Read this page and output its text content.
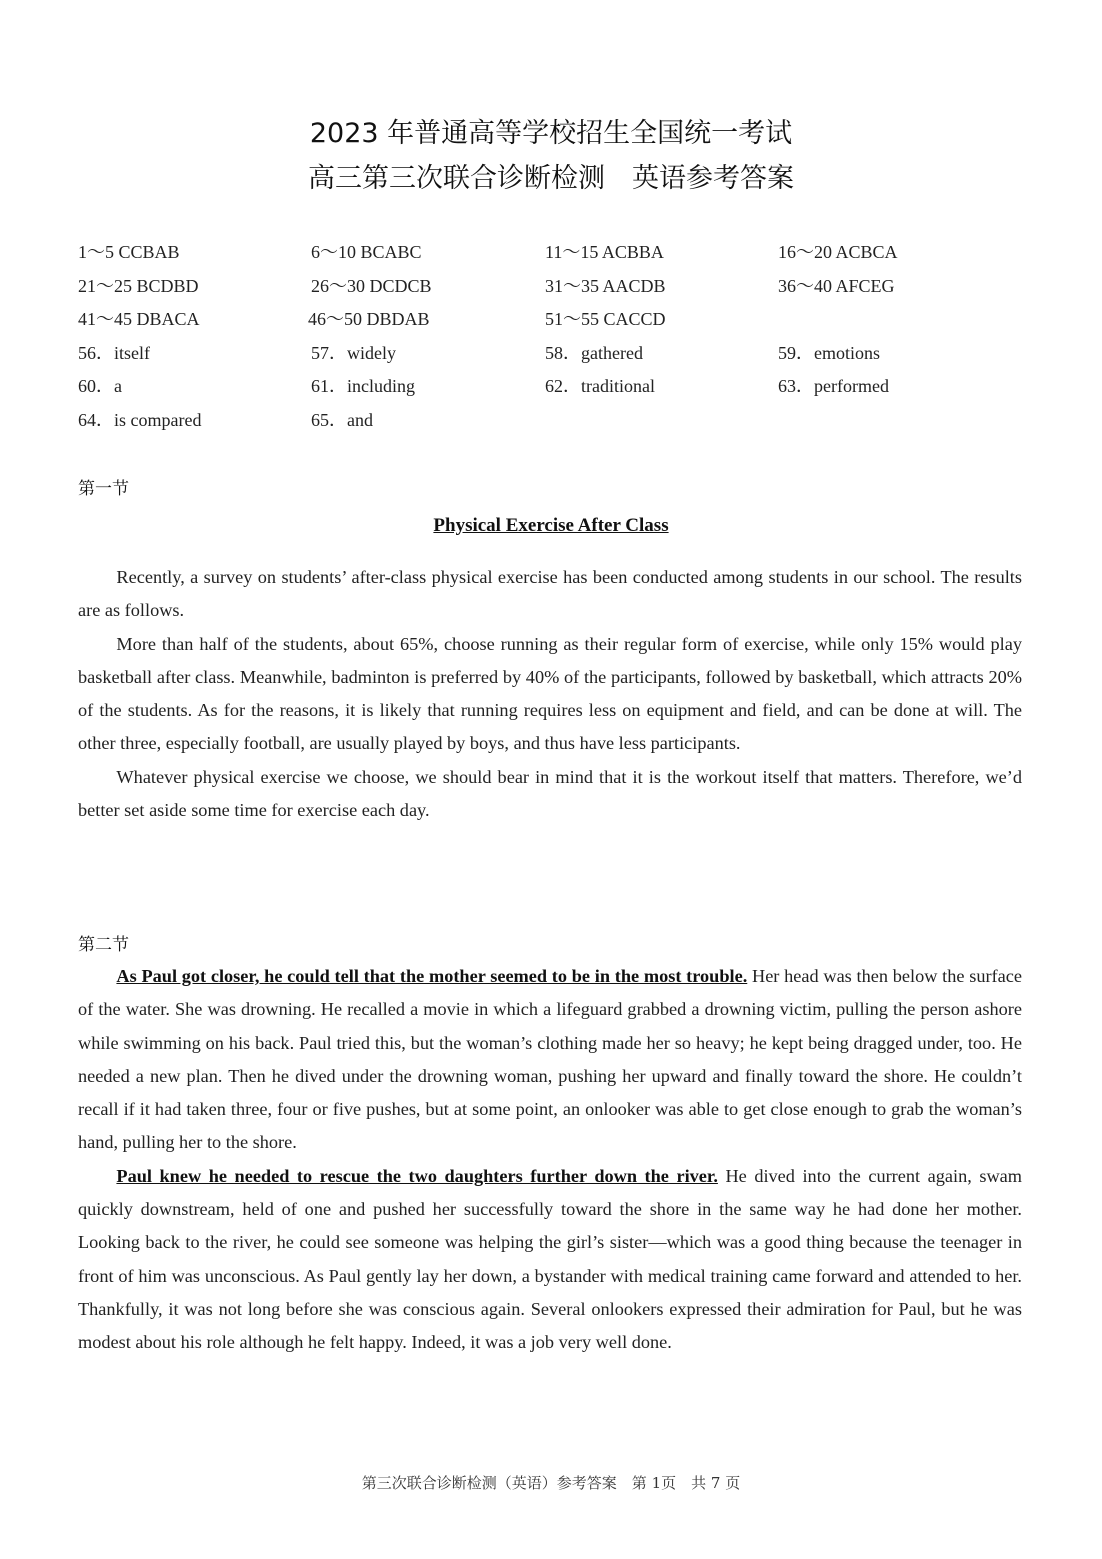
2023 年普通高等学校招生全国统一考试
高三第三次联合诊断检测　英语参考答案
1～5 CCBAB	6～10 BCABC	11～15 ACBBA	16～20 ACBCA
21～25 BCDBD	26～30 DCDCB	31～35 AACDB	36～40 AFCEG
41～45 DBACA	46～50 DBDAB	51～55 CACCD
56．itself	57．widely	58．gathered	59．emotions
60．a	61．including	62．traditional	63．performed
64．is compared	65．and
第一节
Physical Exercise After Class

Recently, a survey on students’ after-class physical exercise has been conducted among students in our school. The results are as follows.

More than half of the students, about 65%, choose running as their regular form of exercise, while only 15% would play basketball after class. Meanwhile, badminton is preferred by 40% of the participants, followed by basketball, which attracts 20% of the students. As for the reasons, it is likely that running requires less on equipment and field, and can be done at will. The other three, especially football, are usually played by boys, and thus have less participants.

Whatever physical exercise we choose, we should bear in mind that it is the workout itself that matters. Therefore, we’d better set aside some time for exercise each day.

第二节

As Paul got closer, he could tell that the mother seemed to be in the most trouble. Her head was then below the surface of the water. She was drowning. He recalled a movie in which a lifeguard grabbed a drowning victim, pulling the person ashore while swimming on his back. Paul tried this, but the woman’s clothing made her so heavy; he kept being dragged under, too. He needed a new plan. Then he dived under the drowning woman, pushing her upward and finally toward the shore. He couldn’t recall if it had taken three, four or five pushes, but at some point, an onlooker was able to get close enough to grab the woman’s hand, pulling her to the shore.

Paul knew he needed to rescue the two daughters further down the river. He dived into the current again, swam quickly downstream, held of one and pushed her successfully toward the shore in the same way he had done her mother. Looking back to the river, he could see someone was helping the girl’s sister—which was a good thing because the teenager in front of him was unconscious. As Paul gently lay her down, a bystander with medical training came forward and attended to her. Thankfully, it was not long before she was conscious again. Several onlookers expressed their admiration for Paul, but he was modest about his role although he felt happy. Indeed, it was a job very well done.

第三次联合诊断检测（英语）参考答案　第 1页　共 7 页
